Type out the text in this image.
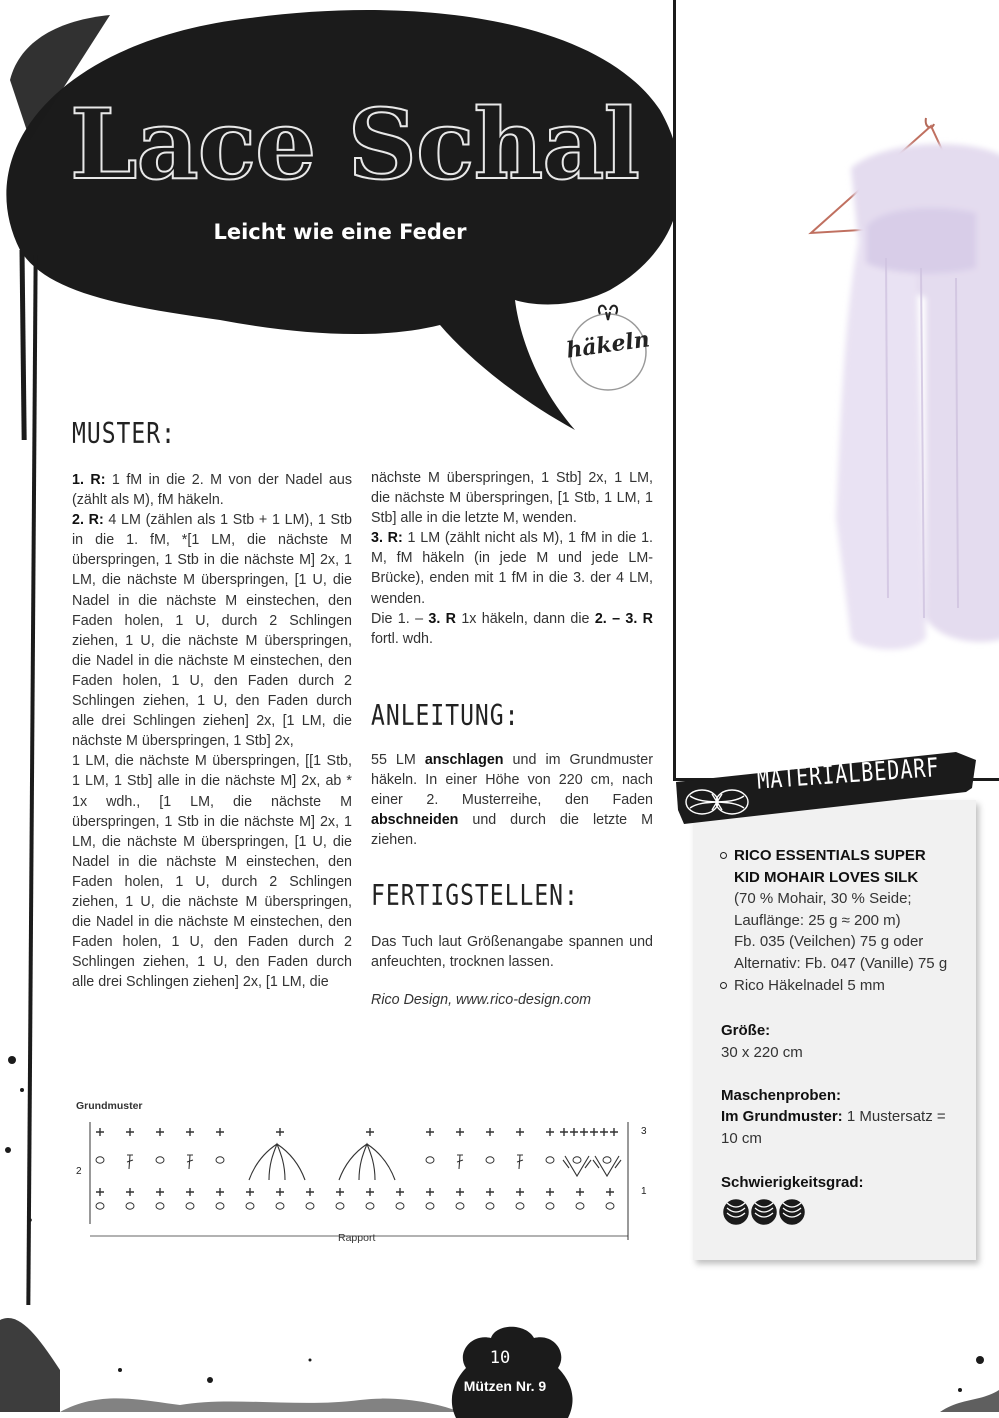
Lace Schal
Leicht wie eine Feder
häkeln
MUSTER:

1. R: 1 fM in die 2. M von der Nadel aus (zählt als M), fM häkeln.

2. R: 4 LM (zählen als 1 Stb + 1 LM), 1 Stb in die 1. fM, *[1 LM, die nächste M überspringen, 1 Stb in die nächste M] 2x, 1 LM, die nächste M überspringen, [1 U, die Nadel in die nächste M einstechen, den Faden holen, 1 U, durch 2 Schlingen ziehen, 1 U, die nächste M überspringen, die Nadel in die nächste M einstechen, den Faden holen, 1 U, den Faden durch 2 Schlingen ziehen, 1 U, den Faden durch alle drei Schlingen ziehen] 2x, [1 LM, die nächste M überspringen, 1 Stb] 2x,

1 LM, die nächste M überspringen, [[1 Stb, 1 LM, 1 Stb] alle in die nächste M] 2x, ab * 1x wdh., [1 LM, die nächste M überspringen, 1 Stb in die nächste M] 2x, 1 LM, die nächste M überspringen, [1 U, die Nadel in die nächste M einstechen, den Faden holen, 1 U, durch 2 Schlingen ziehen, 1 U, die nächste M überspringen, die Nadel in die nächste M einstechen, den Faden holen, 1 U, den Faden durch 2 Schlingen ziehen, 1 U, den Faden durch alle drei Schlingen ziehen] 2x, [1 LM, die

nächste M überspringen, 1 Stb] 2x, 1 LM, die nächste M überspringen, [1 Stb, 1 LM, 1 Stb] alle in die letzte M, wenden.

3. R: 1 LM (zählt nicht als M), 1 fM in die 1. M, fM häkeln (in jede M und jede LM-Brücke), enden mit 1 fM in die 3. der 4 LM, wenden.

Die 1. – 3. R 1x häkeln, dann die 2. – 3. R fortl. wdh.

ANLEITUNG:

55 LM anschlagen und im Grundmuster häkeln. In einer Höhe von 220 cm, nach einer 2. Musterreihe, den Faden abschneiden und durch die letzte M ziehen.

FERTIGSTELLEN:
Das Tuch laut Größenangabe spannen und anfeuchten, trocknen lassen.
Rico Design, www.rico-design.com
MATERIALBEDARF
RICO ESSENTIALS SUPER
KID MOHAIR LOVES SILK
(70 % Mohair, 30 % Seide;
Lauflänge: 25 g ≈ 200 m)
Fb. 035 (Veilchen) 75 g oder
Alternativ: Fb. 047 (Vanille) 75 g
Rico Häkelnadel 5 mm
Größe:
30 x 220 cm
Maschenproben:
Im Grundmuster: 1 Mustersatz =
10 cm
Schwierigkeitsgrad:
Grundmuster
Rapport
2
3
1
10
Mützen Nr. 9
